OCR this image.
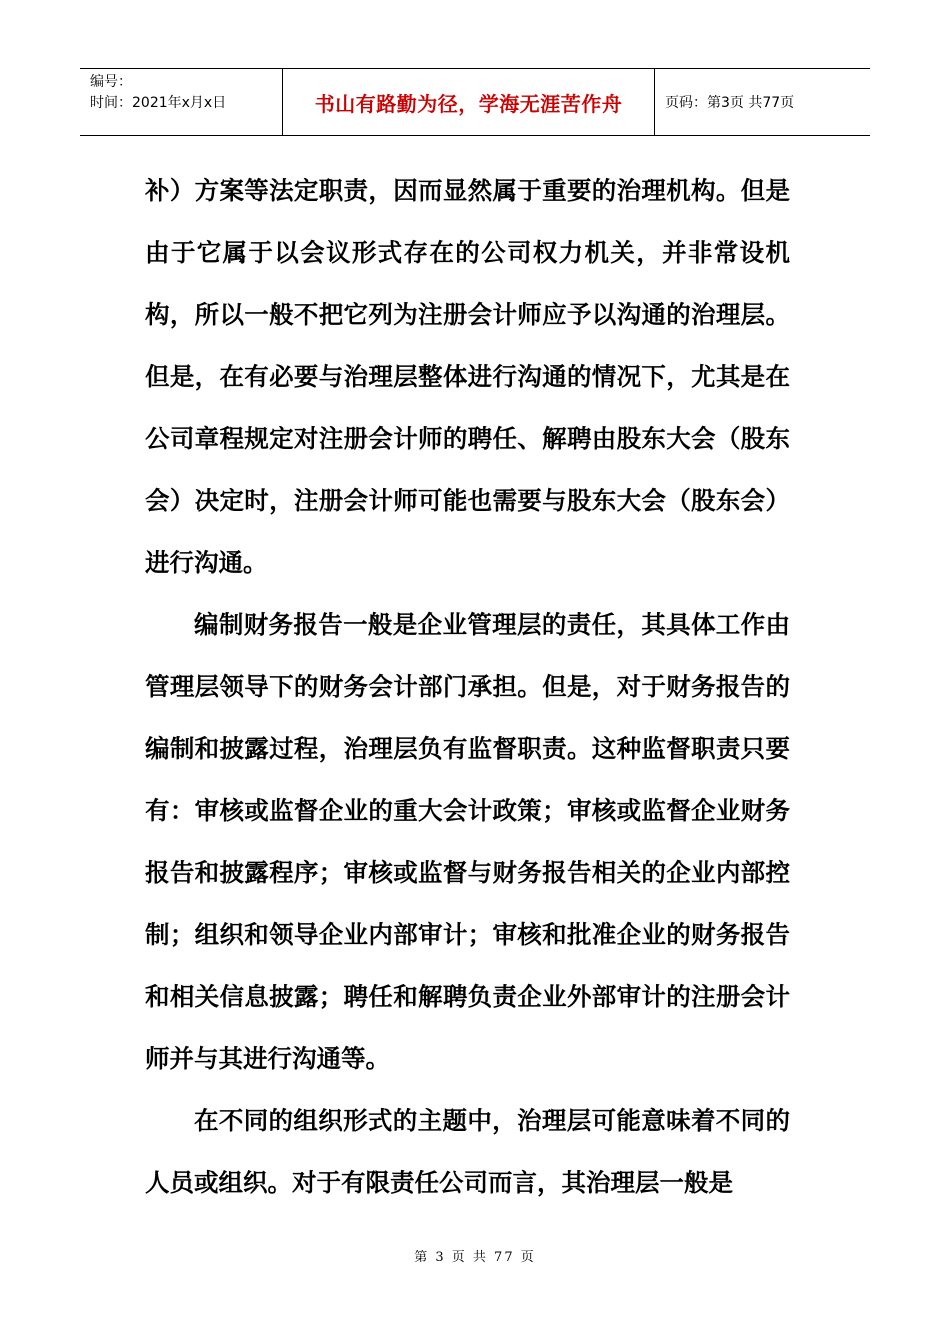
编号：
时间：2021年x月x日	书山有路勤为径，学海无涯苦作舟	页码：第3页 共77页

补）方案等法定职责，因而显然属于重要的治理机构。但是由于它属于以会议形式存在的公司权力机关，并非常设机构，所以一般不把它列为注册会计师应予以沟通的治理层。但是，在有必要与治理层整体进行沟通的情况下，尤其是在公司章程规定对注册会计师的聘任、解聘由股东大会（股东会）决定时，注册会计师可能也需要与股东大会（股东会）进行沟通。

编制财务报告一般是企业管理层的责任，其具体工作由管理层领导下的财务会计部门承担。但是，对于财务报告的编制和披露过程，治理层负有监督职责。这种监督职责只要有：审核或监督企业的重大会计政策；审核或监督企业财务报告和披露程序；审核或监督与财务报告相关的企业内部控制；组织和领导企业内部审计；审核和批准企业的财务报告和相关信息披露；聘任和解聘负责企业外部审计的注册会计师并与其进行沟通等。

在不同的组织形式的主题中，治理层可能意味着不同的人员或组织。对于有限责任公司而言，其治理层一般是

第 3 页 共 77 页
